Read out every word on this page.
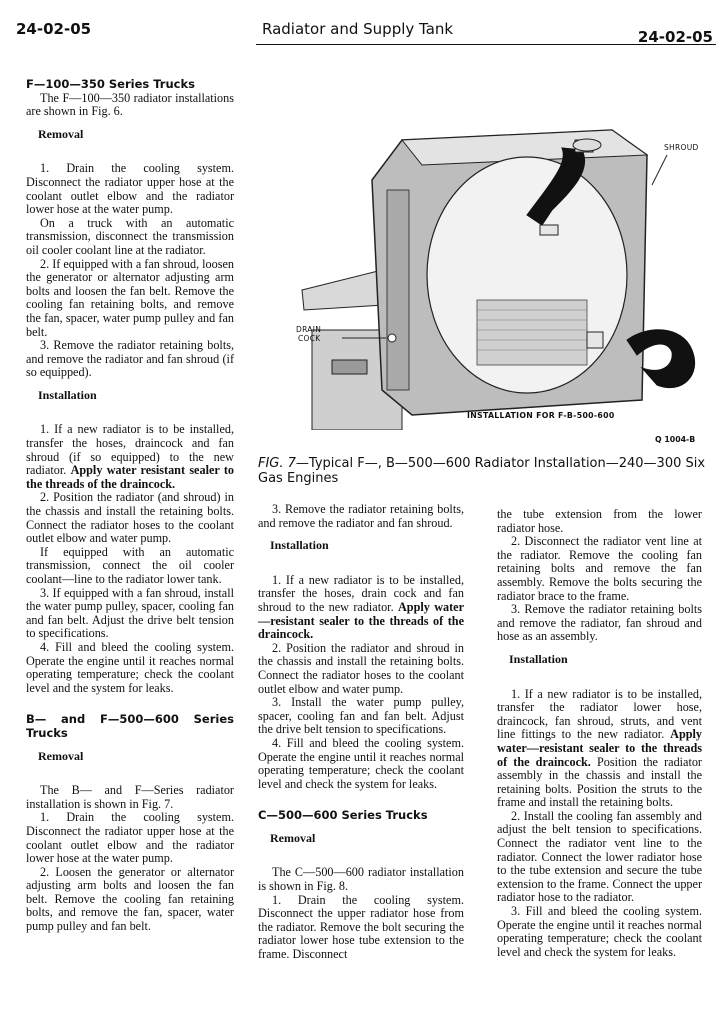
24-02-05	Radiator and Supply Tank	24-02-05

F—100—350 Series Trucks

The F—100—350 radiator installations are shown in Fig. 6.

Removal

1. Drain the cooling system. Disconnect the radiator upper hose at the coolant outlet elbow and the radiator lower hose at the water pump.

On a truck with an automatic transmission, disconnect the transmission oil cooler coolant line at the radiator.

2. If equipped with a fan shroud, loosen the generator or alternator adjusting arm bolts and loosen the fan belt. Remove the cooling fan retaining bolts, and remove the fan, spacer, water pump pulley and fan belt.

3. Remove the radiator retaining bolts, and remove the radiator and fan shroud (if so equipped).

Installation

1. If a new radiator is to be installed, transfer the hoses, draincock and fan shroud (if so equipped) to the new radiator. Apply water resistant sealer to the threads of the draincock.

2. Position the radiator (and shroud) in the chassis and install the retaining bolts. Connect the radiator hoses to the coolant outlet elbow and water pump.

If equipped with an automatic transmission, connect the oil cooler coolant—line to the radiator lower tank.

3. If equipped with a fan shroud, install the water pump pulley, spacer, cooling fan and fan belt. Adjust the drive belt tension to specifications.

4. Fill and bleed the cooling system. Operate the engine until it reaches normal operating temperature; check the coolant level and the system for leaks.

B— and F—500—600 Series Trucks

Removal

The B— and F—Series radiator installation is shown in Fig. 7.

1. Drain the cooling system. Disconnect the radiator upper hose at the coolant outlet elbow and the radiator lower hose at the water pump.

2. Loosen the generator or alternator adjusting arm bolts and loosen the fan belt. Remove the cooling fan retaining bolts, and remove the fan, spacer, water pump pulley and fan belt.

SHROUD
DRAIN
COCK
INSTALLATION FOR F-B-500-600
Q 1004-B
FIG. 7—Typical F—, B—500—600 Radiator Installation—240—300 Six Gas Engines

3. Remove the radiator retaining bolts, and remove the radiator and fan shroud.

Installation

1. If a new radiator is to be installed, transfer the hoses, drain cock and fan shroud to the new radiator. Apply water—resistant sealer to the threads of the draincock.

2. Position the radiator and shroud in the chassis and install the retaining bolts. Connect the radiator hoses to the coolant outlet elbow and water pump.

3. Install the water pump pulley, spacer, cooling fan and fan belt. Adjust the drive belt tension to specifications.

4. Fill and bleed the cooling system. Operate the engine until it reaches normal operating temperature; check the coolant level and check the system for leaks.

C—500—600 Series Trucks

Removal

The C—500—600 radiator installation is shown in Fig. 8.

1. Drain the cooling system. Disconnect the upper radiator hose from the radiator. Remove the bolt securing the radiator lower hose tube extension to the frame. Disconnect

the tube extension from the lower radiator hose.

2. Disconnect the radiator vent line at the radiator. Remove the cooling fan retaining bolts and remove the fan assembly. Remove the bolts securing the radiator brace to the frame.

3. Remove the radiator retaining bolts and remove the radiator, fan shroud and hose as an assembly.

Installation

1. If a new radiator is to be installed, transfer the radiator lower hose, draincock, fan shroud, struts, and vent line fittings to the new radiator. Apply water—resistant sealer to the threads of the draincock. Position the radiator assembly in the chassis and install the retaining bolts. Position the struts to the frame and install the retaining bolts.

2. Install the cooling fan assembly and adjust the belt tension to specifications. Connect the radiator vent line to the radiator. Connect the lower radiator hose to the tube extension and secure the tube extension to the frame. Connect the upper radiator hose to the radiator.

3. Fill and bleed the cooling system. Operate the engine until it reaches normal operating temperature; check the coolant level and check the system for leaks.
